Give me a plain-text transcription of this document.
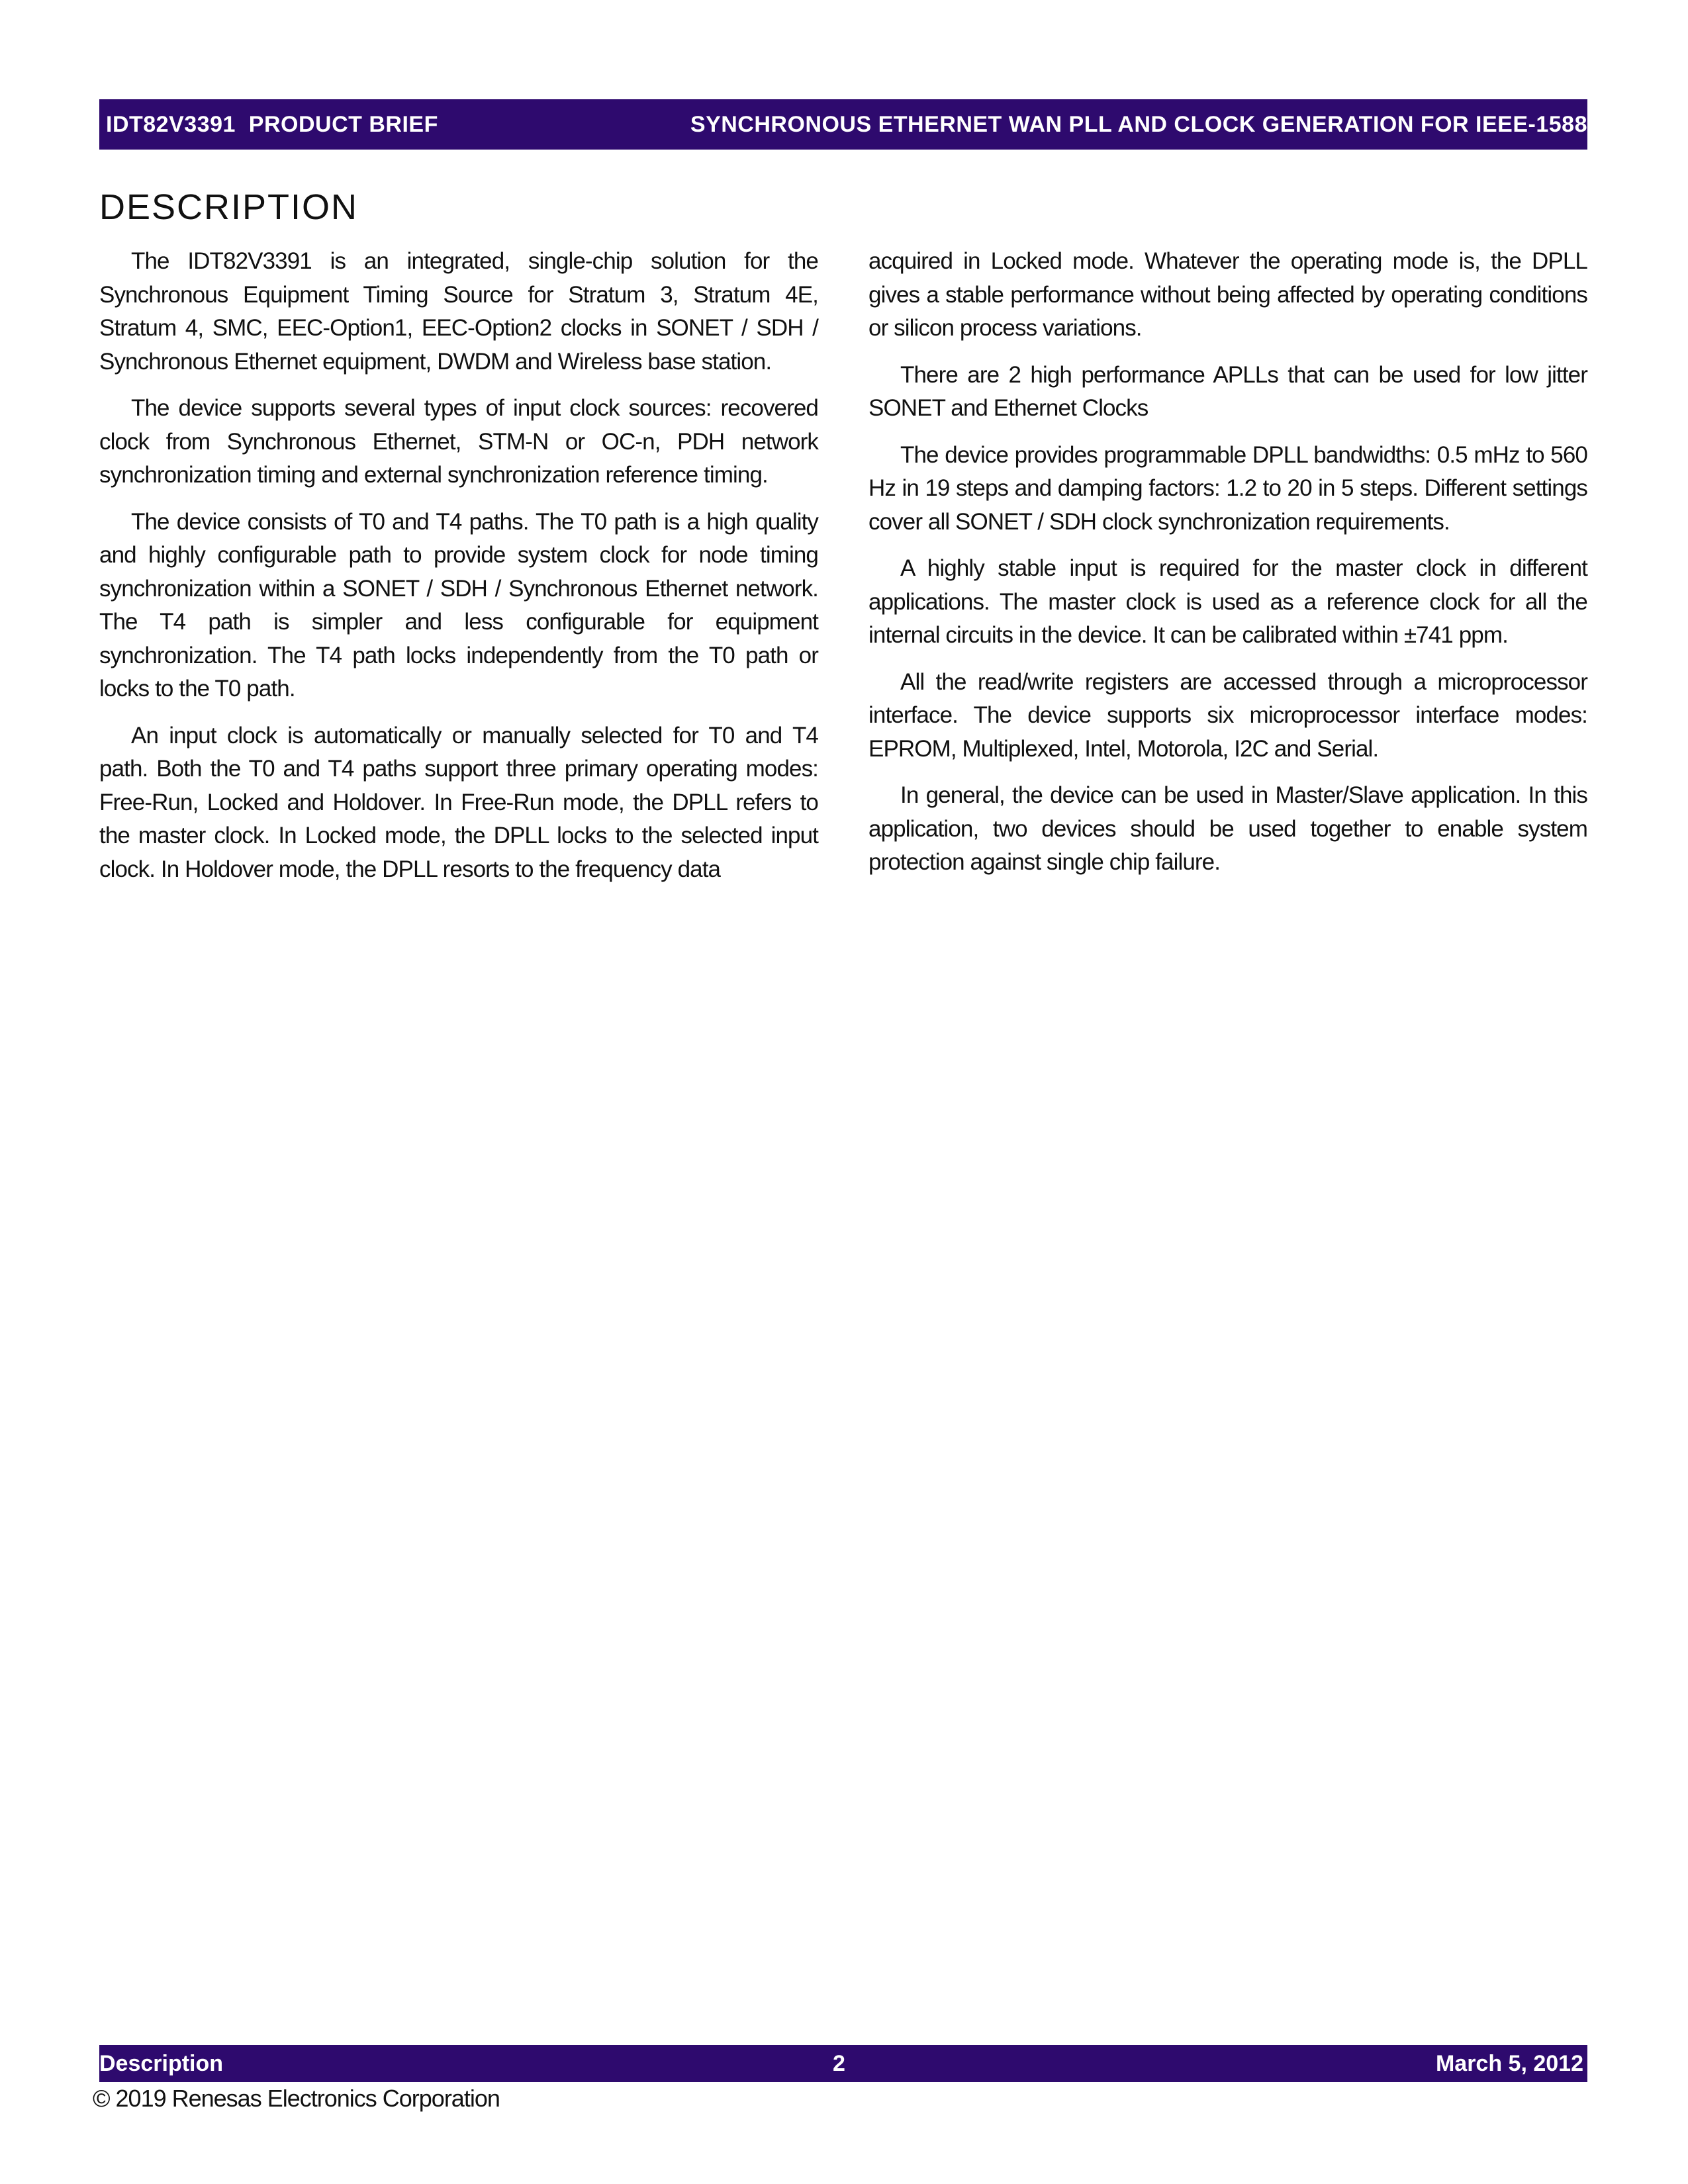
IDT82V3391  PRODUCT BRIEF	SYNCHRONOUS ETHERNET WAN PLL AND CLOCK GENERATION FOR IEEE-1588
DESCRIPTION

The IDT82V3391 is an integrated, single-chip solution for the Synchronous Equipment Timing Source for Stratum 3, Stratum 4E, Stratum 4, SMC, EEC-Option1, EEC-Option2 clocks in SONET / SDH / Synchronous Ethernet equipment, DWDM and Wireless base station.

The device supports several types of input clock sources: recovered clock from Synchronous Ethernet, STM-N or OC-n, PDH network synchronization timing and external synchronization reference timing.

The device consists of T0 and T4 paths. The T0 path is a high quality and highly configurable path to provide system clock for node timing synchronization within a SONET / SDH / Synchronous Ethernet network. The T4 path is simpler and less configurable for equipment synchronization. The T4 path locks independently from the T0 path or locks to the T0 path.

An input clock is automatically or manually selected for T0 and T4 path. Both the T0 and T4 paths support three primary operating modes: Free-Run, Locked and Holdover. In Free-Run mode, the DPLL refers to the master clock. In Locked mode, the DPLL locks to the selected input clock. In Holdover mode, the DPLL resorts to the frequency data

acquired in Locked mode. Whatever the operating mode is, the DPLL gives a stable performance without being affected by operating conditions or silicon process variations.

There are 2 high performance APLLs that can be used for low jitter SONET and Ethernet Clocks

The device provides programmable DPLL bandwidths: 0.5 mHz to 560 Hz in 19 steps and damping factors: 1.2 to 20 in 5 steps. Different settings cover all SONET / SDH clock synchronization requirements.

A highly stable input is required for the master clock in different applications. The master clock is used as a reference clock for all the internal circuits in the device. It can be calibrated within ±741 ppm.

All the read/write registers are accessed through a microprocessor interface. The device supports six microprocessor interface modes: EPROM, Multiplexed, Intel, Motorola, I2C and Serial.

In general, the device can be used in Master/Slave application. In this application, two devices should be used together to enable system protection against single chip failure.

Description	2	March 5, 2012
© 2019 Renesas Electronics Corporation
